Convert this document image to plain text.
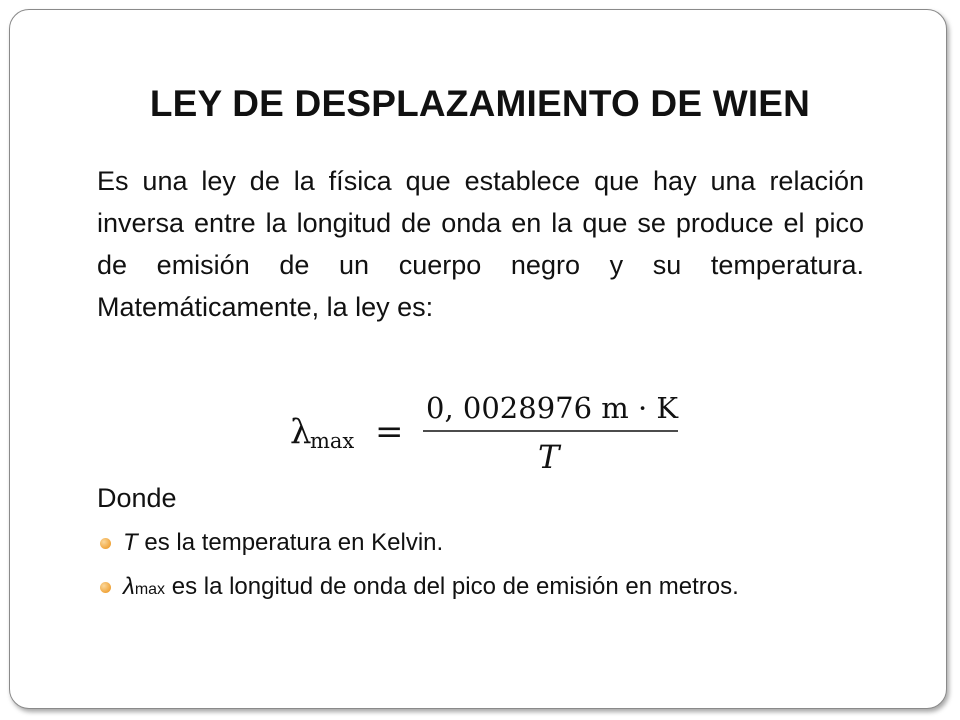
LEY DE DESPLAZAMIENTO DE WIEN
Es una ley de la física que establece que hay una relación inversa entre la longitud de onda en la que se produce el pico de emisión de un cuerpo negro y su temperatura. Matemáticamente, la ley es:
λ
max =
0, 0028976 m · K
T
Donde
T es la temperatura en Kelvin.
λmax es la longitud de onda del pico de emisión en metros.
